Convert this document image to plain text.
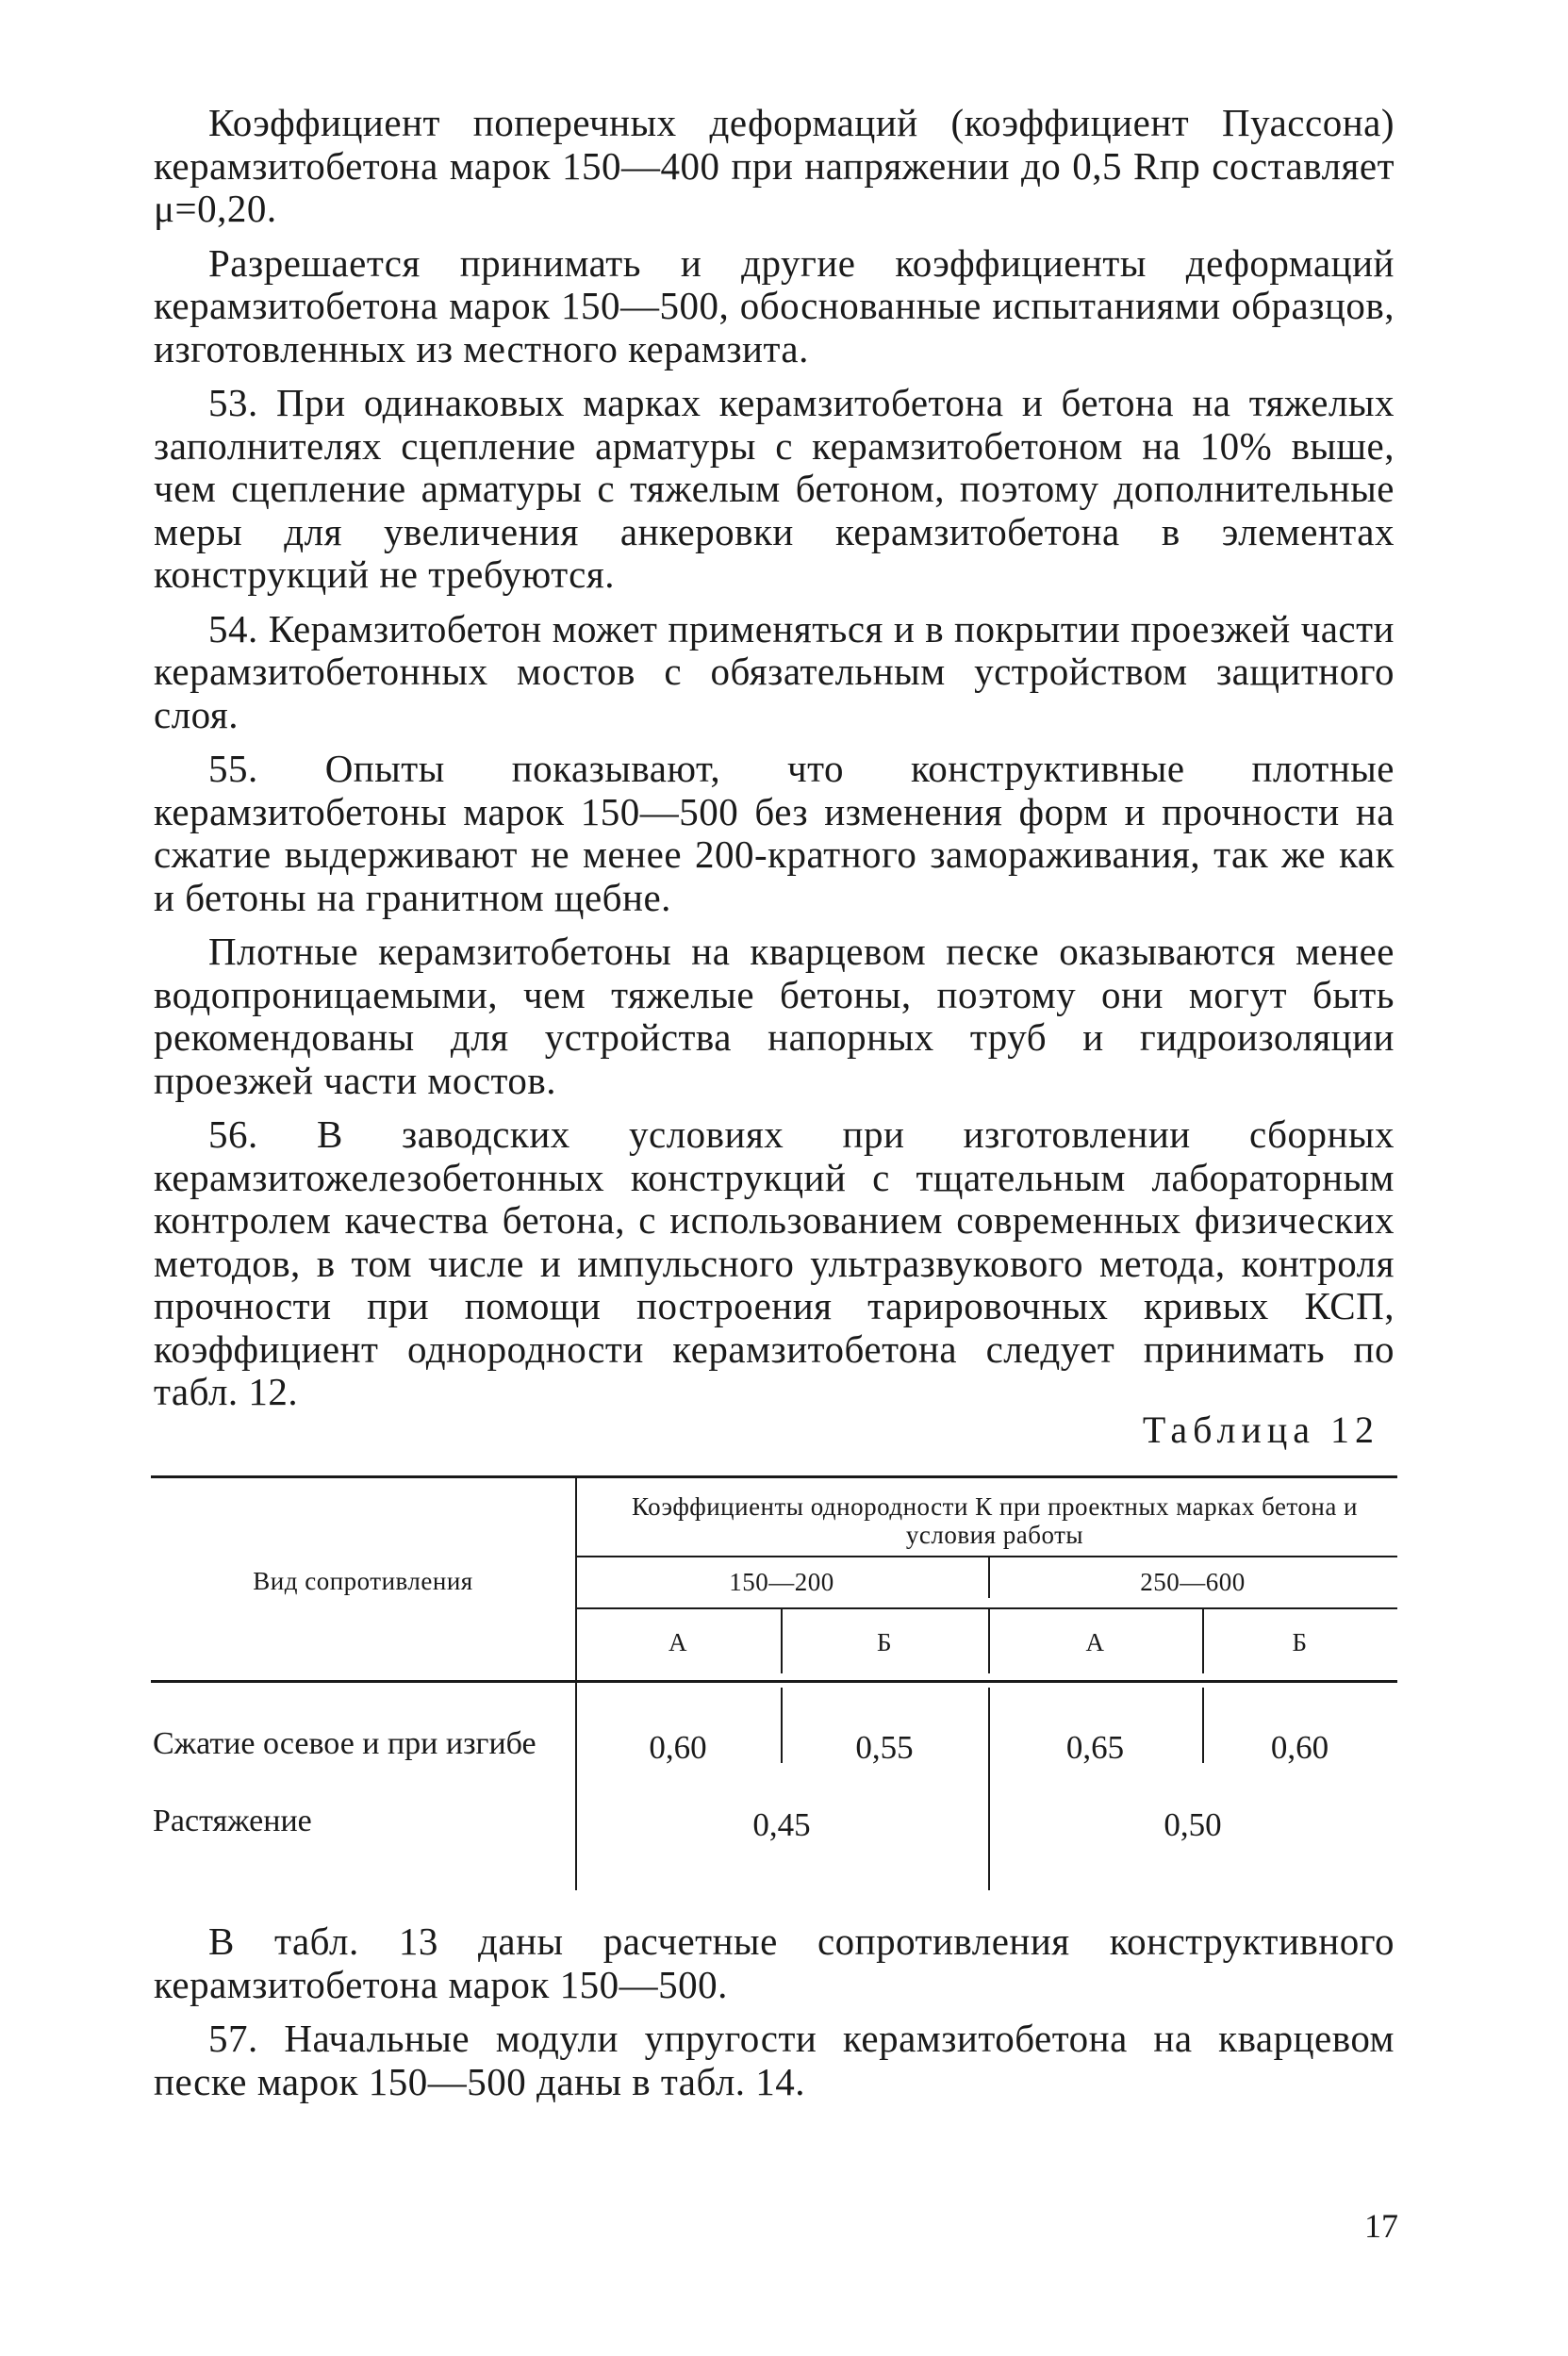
Коэффициент поперечных деформаций (коэффициент Пуассона) керамзитобетона марок 150—400 при напряжении до 0,5 Rпр составляет μ=0,20.

Разрешается принимать и другие коэффициенты деформаций керамзитобетона марок 150—500, обоснованные испытаниями образцов, изготовленных из местного керамзита.

53. При одинаковых марках керамзитобетона и бетона на тяжелых заполнителях сцепление арматуры с керамзитобетоном на 10% выше, чем сцепление арматуры с тяжелым бетоном, поэтому дополнительные меры для увеличения анкеровки керамзитобетона в элементах конструкций не требуются.

54. Керамзитобетон может применяться и в покрытии проезжей части керамзитобетонных мостов с обязательным устройством защитного слоя.

55. Опыты показывают, что конструктивные плотные керамзитобетоны марок 150—500 без изменения форм и прочности на сжатие выдерживают не менее 200-кратного замораживания, так же как и бетоны на гранитном щебне.

Плотные керамзитобетоны на кварцевом песке оказываются менее водопроницаемыми, чем тяжелые бетоны, поэтому они могут быть рекомендованы для устройства напорных труб и гидроизоляции проезжей части мостов.

56. В заводских условиях при изготовлении сборных керамзитожелезобетонных конструкций с тщательным лабораторным контролем качества бетона, с использованием современных физических методов, в том числе и импульсного ультразвукового метода, контроля прочности при помощи построения тарировочных кривых КСП, коэффициент однородности керамзитобетона следует принимать по табл. 12.

Таблица 12
Вид сопротивления
Коэффициенты однородности К при проектных марках бетона и условия работы
150—200	250—600
А	Б	А	Б
Сжатие осевое и при изгибе	0,60	0,55	0,65	0,60
Растяжение	0,45	0,50

В табл. 13 даны расчетные сопротивления конструктивного керамзитобетона марок 150—500.

57. Начальные модули упругости керамзитобетона на кварцевом песке марок 150—500 даны в табл. 14.

17
